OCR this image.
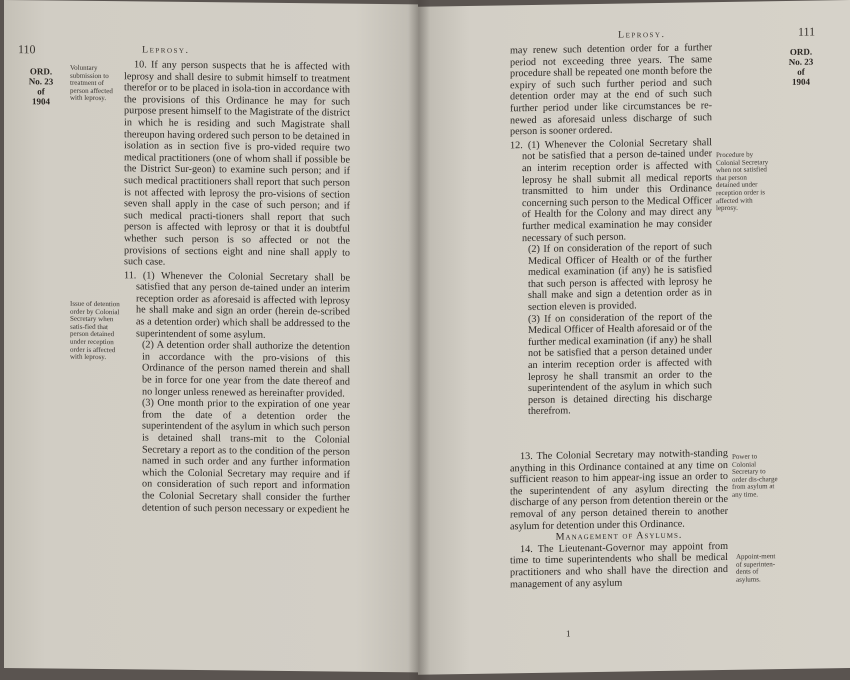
110	Leprosy.
ORD.
No. 23
of
1904
Voluntary submission to treatment of person affected with leprosy.
Issue of detention order by Colonial Secretary when satis-fied that person detained under reception order is affected with leprosy.

10. If any person suspects that he is affected with leprosy and shall desire to submit himself to treatment therefor or to be placed in isola-tion in accordance with the provisions of this Ordinance he may for such purpose present himself to the Magistrate of the district in which he is residing and such Magistrate shall thereupon having ordered such person to be detained in isolation as in section five is pro-vided require two medical practitioners (one of whom shall if possible be the District Sur-geon) to examine such person; and if such medical practitioners shall report that such person is not affected with leprosy the pro-visions of section seven shall apply in the case of such person; and if such medical practi-tioners shall report that such person is affected with leprosy or that it is doubtful whether such person is so affected or not the provisions of sections eight and nine shall apply to such case.

11. (1) Whenever the Colonial Secretary shall be satisfied that any person de-tained under an interim reception order as aforesaid is affected with leprosy he shall make and sign an order (herein de-scribed as a detention order) which shall be addressed to the superintendent of some asylum.

(2) A detention order shall authorize the detention in accordance with the pro-visions of this Ordinance of the person named therein and shall be in force for one year from the date thereof and no longer unless renewed as hereinafter provided.

(3) One month prior to the expiration of one year from the date of a detention order the superintendent of the asylum in which such person is detained shall trans-mit to the Colonial Secretary a report as to the condition of the person named in such order and any further information which the Colonial Secretary may require and if on consideration of such report and information the Colonial Secretary shall consider the further detention of such person necessary or expedient he

Leprosy.	111
ORD.
No. 23
of
1904
Procedure by Colonial Secretary when not satisfied that person detained under reception order is affected with leprosy.
Power to Colonial Secretary to order dis-charge from asylum at any time.
Appoint-ment of superinten-dents of asylums.

may renew such detention order for a further period not exceeding three years. The same procedure shall be repeated one month before the expiry of such such further period and such detention order may at the end of such such further period under like circumstances be re-newed as aforesaid unless discharge of such person is sooner ordered.

12. (1) Whenever the Colonial Secretary shall not be satisfied that a person de-tained under an interim reception order is affected with leprosy he shall submit all medical reports transmitted to him under this Ordinance concerning such person to the Medical Officer of Health for the Colony and may direct any further medical examination he may consider necessary of such person.

(2) If on consideration of the report of such Medical Officer of Health or of the further medical examination (if any) he is satisfied that such person is affected with leprosy he shall make and sign a detention order as in section eleven is provided.

(3) If on consideration of the report of the Medical Officer of Health aforesaid or of the further medical examination (if any) he shall not be satisfied that a person detained under an interim reception order is affected with leprosy he shall transmit an order to the superintendent of the asylum in which such person is detained directing his discharge therefrom.

13. The Colonial Secretary may notwith-standing anything in this Ordinance contained at any time on sufficient reason to him appear-ing issue an order to the superintendent of any asylum directing the discharge of any person from detention therein or the removal of any person detained therein to another asylum for detention under this Ordinance.

Management of Asylums.

14. The Lieutenant-Governor may appoint from time to time superintendents who shall be medical practitioners and who shall have the direction and management of any asylum

1
